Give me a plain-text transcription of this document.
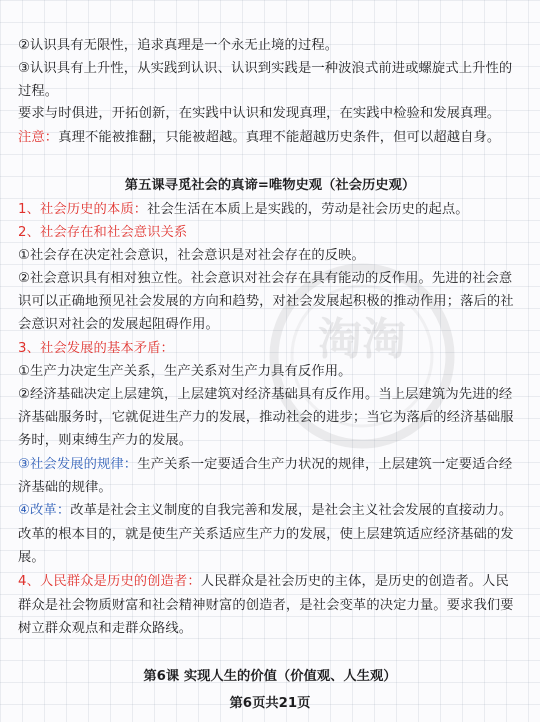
淘淘
②认识具有无限性，追求真理是一个永无止境的过程。
③认识具有上升性，从实践到认识、认识到实践是一种波浪式前进或螺旋式上升性的
过程。
要求与时俱进，开拓创新，在实践中认识和发现真理，在实践中检验和发展真理。
注意：真理不能被推翻，只能被超越。真理不能超越历史条件，但可以超越自身。
第五课寻觅社会的真谛=唯物史观（社会历史观）
1、社会历史的本质：社会生活在本质上是实践的，劳动是社会历史的起点。
2、社会存在和社会意识关系
①社会存在决定社会意识，社会意识是对社会存在的反映。
②社会意识具有相对独立性。社会意识对社会存在具有能动的反作用。先进的社会意
识可以正确地预见社会发展的方向和趋势，对社会发展起积极的推动作用；落后的社
会意识对社会的发展起阻碍作用。
3、社会发展的基本矛盾：
①生产力决定生产关系，生产关系对生产力具有反作用。
②经济基础决定上层建筑，上层建筑对经济基础具有反作用。当上层建筑为先进的经
济基础服务时，它就促进生产力的发展，推动社会的进步；当它为落后的经济基础服
务时，则束缚生产力的发展。
③社会发展的规律：生产关系一定要适合生产力状况的规律，上层建筑一定要适合经
济基础的规律。
④改革：改革是社会主义制度的自我完善和发展，是社会主义社会发展的直接动力。
改革的根本目的，就是使生产关系适应生产力的发展，使上层建筑适应经济基础的发
展。
4、人民群众是历史的创造者：人民群众是社会历史的主体，是历史的创造者。人民
群众是社会物质财富和社会精神财富的创造者，是社会变革的决定力量。要求我们要
树立群众观点和走群众路线。
第6课 实现人生的价值（价值观、人生观）
第6页共21页
